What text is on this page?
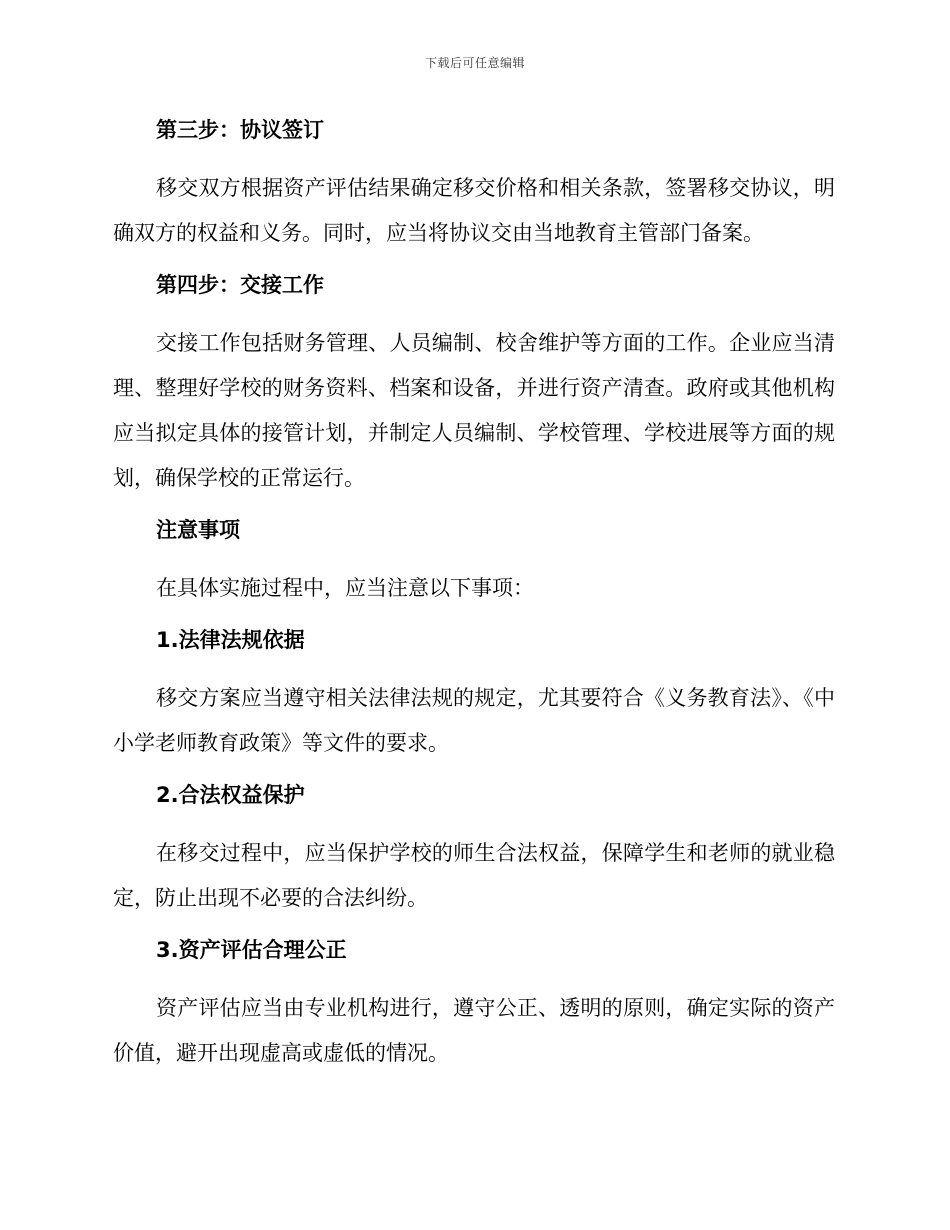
下载后可任意编辑
第三步：协议签订

移交双方根据资产评估结果确定移交价格和相关条款，签署移交协议，明确双方的权益和义务。同时，应当将协议交由当地教育主管部门备案。

第四步：交接工作

交接工作包括财务管理、人员编制、校舍维护等方面的工作。企业应当清理、整理好学校的财务资料、档案和设备，并进行资产清查。政府或其他机构应当拟定具体的接管计划，并制定人员编制、学校管理、学校进展等方面的规划，确保学校的正常运行。

注意事项

在具体实施过程中，应当注意以下事项：

1.法律法规依据

移交方案应当遵守相关法律法规的规定，尤其要符合《义务教育法》、《中小学老师教育政策》等文件的要求。

2.合法权益保护

在移交过程中，应当保护学校的师生合法权益，保障学生和老师的就业稳定，防止出现不必要的合法纠纷。

3.资产评估合理公正

资产评估应当由专业机构进行，遵守公正、透明的原则，确定实际的资产价值，避开出现虚高或虚低的情况。
